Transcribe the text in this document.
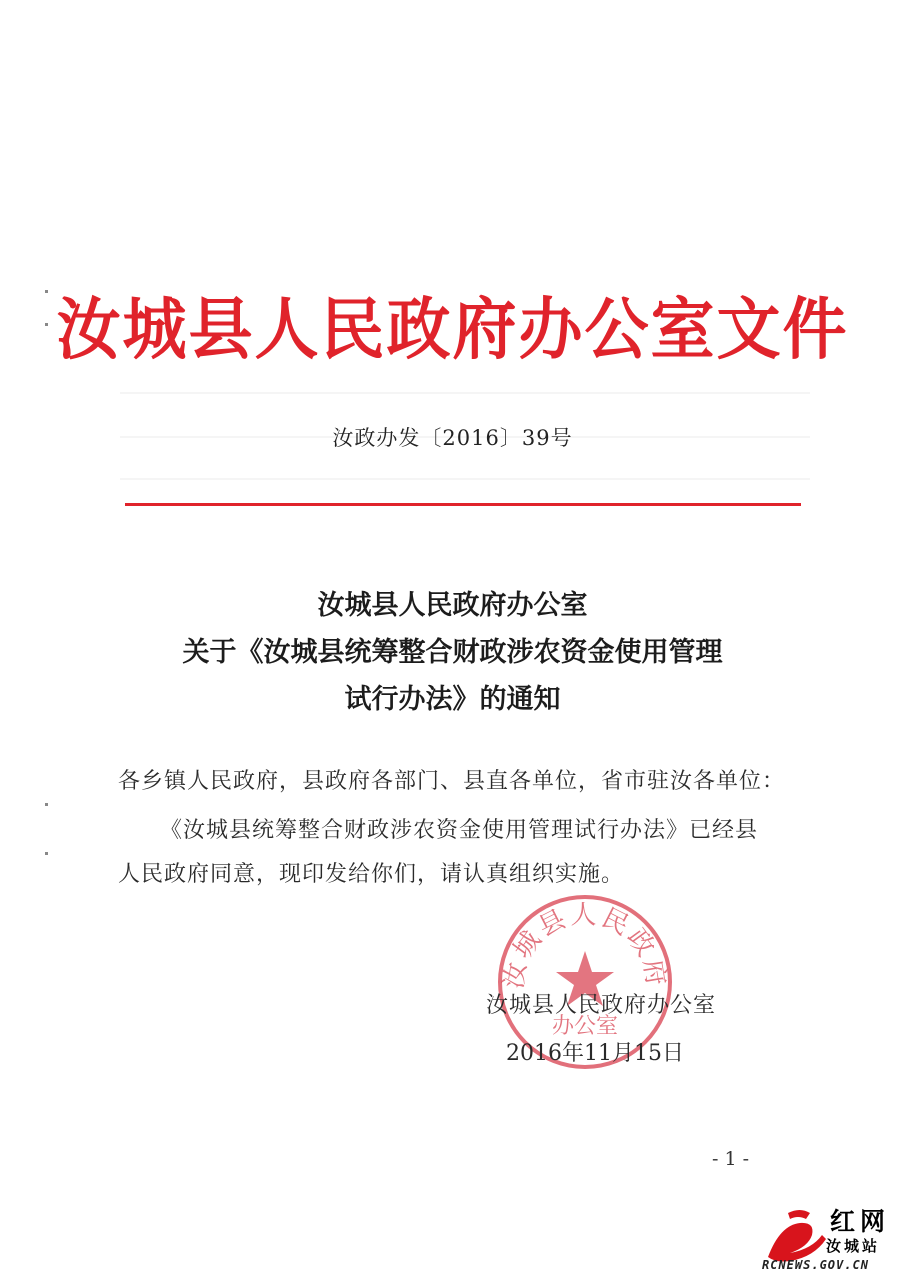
汝城县人民政府办公室文件
汝政办发〔2016〕39号
汝城县人民政府办公室
关于《汝城县统筹整合财政涉农资金使用管理
试行办法》的通知
各乡镇人民政府，县政府各部门、县直各单位，省市驻汝各单位：
《汝城县统筹整合财政涉农资金使用管理试行办法》已经县
人民政府同意，现印发给你们，请认真组织实施。
汝城县人民政府
办公室
汝城县人民政府办公室
2016年11月15日
- 1 -
红网
汝城站
RCNEWS.GOV.CN
